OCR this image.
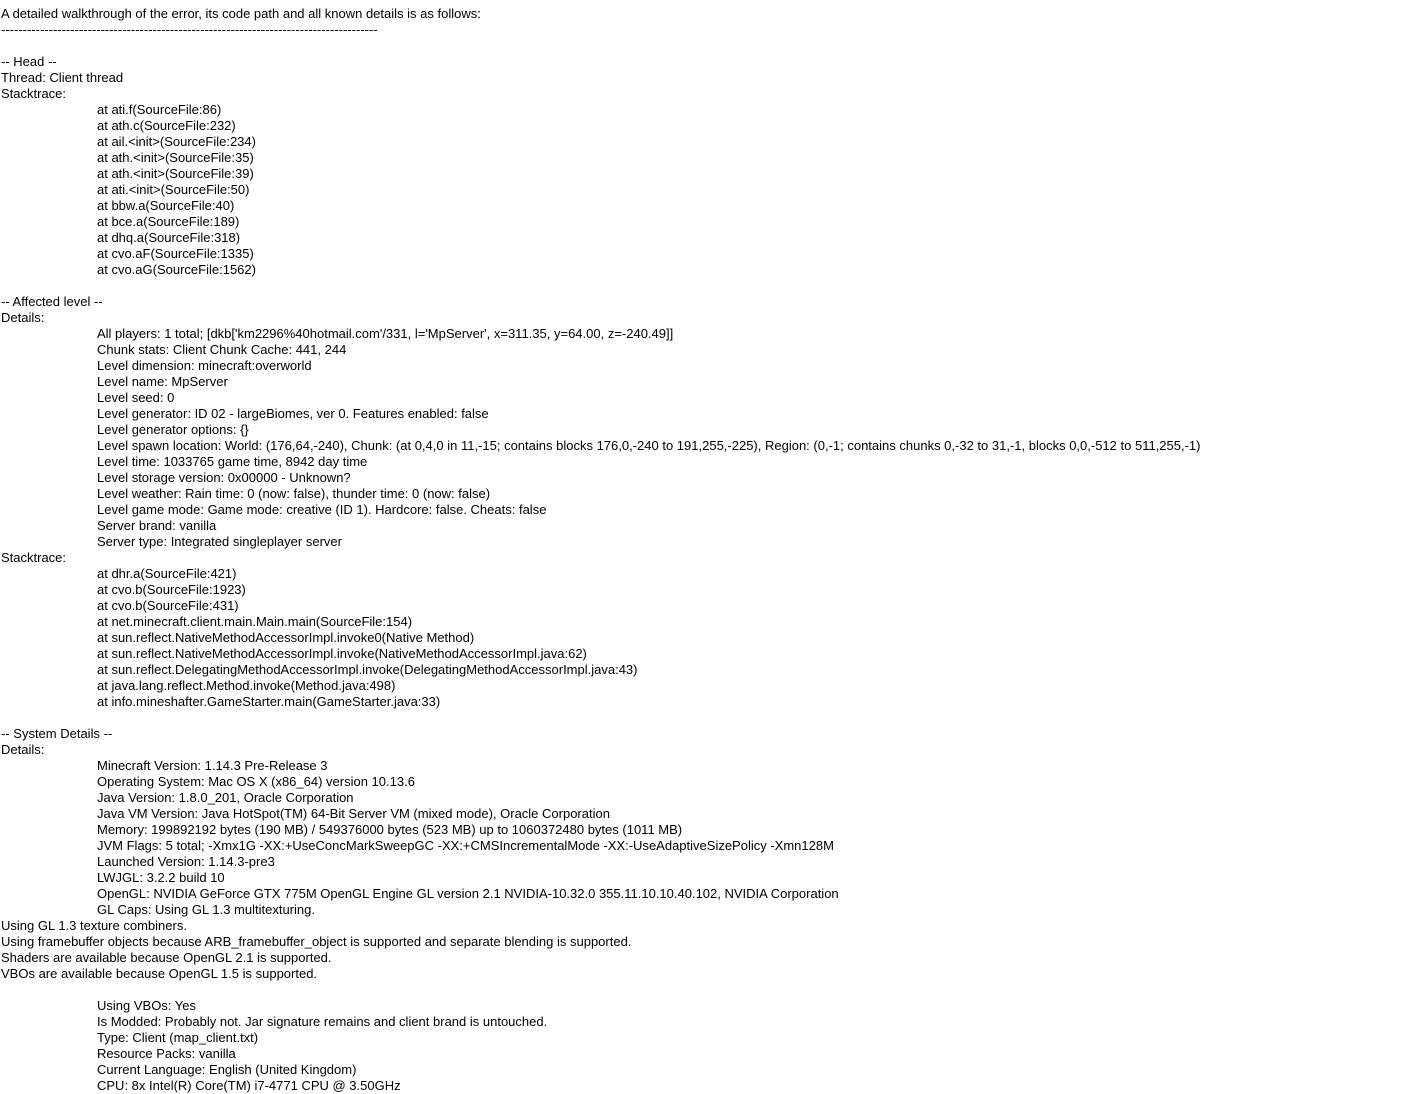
A detailed walkthrough of the error, its code path and all known details is as follows:
---------------------------------------------------------------------------------------
-- Head --
Thread: Client thread
Stacktrace:
at ati.f(SourceFile:86)
at ath.c(SourceFile:232)
at ail.<init>(SourceFile:234)
at ath.<init>(SourceFile:35)
at ath.<init>(SourceFile:39)
at ati.<init>(SourceFile:50)
at bbw.a(SourceFile:40)
at bce.a(SourceFile:189)
at dhq.a(SourceFile:318)
at cvo.aF(SourceFile:1335)
at cvo.aG(SourceFile:1562)
-- Affected level --
Details:
All players: 1 total; [dkb['km2296%40hotmail.com'/331, l='MpServer', x=311.35, y=64.00, z=-240.49]]
Chunk stats: Client Chunk Cache: 441, 244
Level dimension: minecraft:overworld
Level name: MpServer
Level seed: 0
Level generator: ID 02 - largeBiomes, ver 0. Features enabled: false
Level generator options: {}
Level spawn location: World: (176,64,-240), Chunk: (at 0,4,0 in 11,-15; contains blocks 176,0,-240 to 191,255,-225), Region: (0,-1; contains chunks 0,-32 to 31,-1, blocks 0,0,-512 to 511,255,-1)
Level time: 1033765 game time, 8942 day time
Level storage version: 0x00000 - Unknown?
Level weather: Rain time: 0 (now: false), thunder time: 0 (now: false)
Level game mode: Game mode: creative (ID 1). Hardcore: false. Cheats: false
Server brand: vanilla
Server type: Integrated singleplayer server
Stacktrace:
at dhr.a(SourceFile:421)
at cvo.b(SourceFile:1923)
at cvo.b(SourceFile:431)
at net.minecraft.client.main.Main.main(SourceFile:154)
at sun.reflect.NativeMethodAccessorImpl.invoke0(Native Method)
at sun.reflect.NativeMethodAccessorImpl.invoke(NativeMethodAccessorImpl.java:62)
at sun.reflect.DelegatingMethodAccessorImpl.invoke(DelegatingMethodAccessorImpl.java:43)
at java.lang.reflect.Method.invoke(Method.java:498)
at info.mineshafter.GameStarter.main(GameStarter.java:33)
-- System Details --
Details:
Minecraft Version: 1.14.3 Pre-Release 3
Operating System: Mac OS X (x86_64) version 10.13.6
Java Version: 1.8.0_201, Oracle Corporation
Java VM Version: Java HotSpot(TM) 64-Bit Server VM (mixed mode), Oracle Corporation
Memory: 199892192 bytes (190 MB) / 549376000 bytes (523 MB) up to 1060372480 bytes (1011 MB)
JVM Flags: 5 total; -Xmx1G -XX:+UseConcMarkSweepGC -XX:+CMSIncrementalMode -XX:-UseAdaptiveSizePolicy -Xmn128M
Launched Version: 1.14.3-pre3
LWJGL: 3.2.2 build 10
OpenGL: NVIDIA GeForce GTX 775M OpenGL Engine GL version 2.1 NVIDIA-10.32.0 355.11.10.10.40.102, NVIDIA Corporation
GL Caps: Using GL 1.3 multitexturing.
Using GL 1.3 texture combiners.
Using framebuffer objects because ARB_framebuffer_object is supported and separate blending is supported.
Shaders are available because OpenGL 2.1 is supported.
VBOs are available because OpenGL 1.5 is supported.
Using VBOs: Yes
Is Modded: Probably not. Jar signature remains and client brand is untouched.
Type: Client (map_client.txt)
Resource Packs: vanilla
Current Language: English (United Kingdom)
CPU: 8x Intel(R) Core(TM) i7-4771 CPU @ 3.50GHz
